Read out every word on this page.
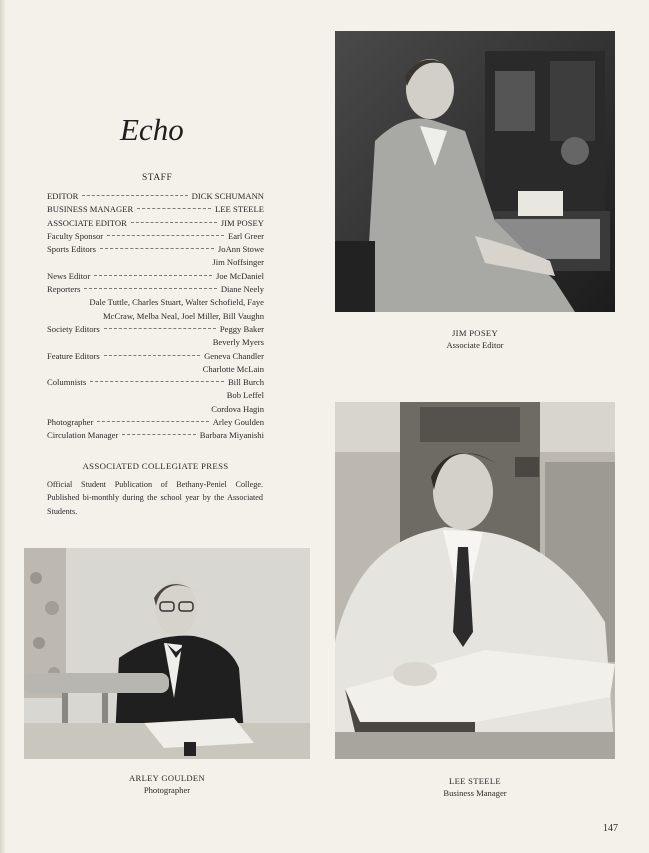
Echo
STAFF
EDITOR	DICK SCHUMANN
BUSINESS MANAGER	LEE STEELE
ASSOCIATE EDITOR	JIM POSEY
Faculty Sponsor	Earl Greer
Sports Editors	JoAnn Stowe
Jim Noffsinger
News Editor	Joe McDaniel
Reporters	Diane Neely
Dale Tuttle, Charles Stuart, Walter Schofield, Faye
McCraw, Melba Neal, Joel Miller, Bill Vaughn
Society Editors	Peggy Baker
Beverly Myers
Feature Editors	Geneva Chandler
Charlotte McLain
Columnists	Bill Burch
Bob Leffel
Cordova Hagin
Photographer	Arley Goulden
Circulation Manager	Barbara Miyanishi
ASSOCIATED COLLEGIATE PRESS
Official Student Publication of Bethany-Peniel College. Published bi-monthly during the school year by the Associated Students.
JIM POSEY
Associate Editor
ARLEY GOULDEN
Photographer
LEE STEELE
Business Manager
147
